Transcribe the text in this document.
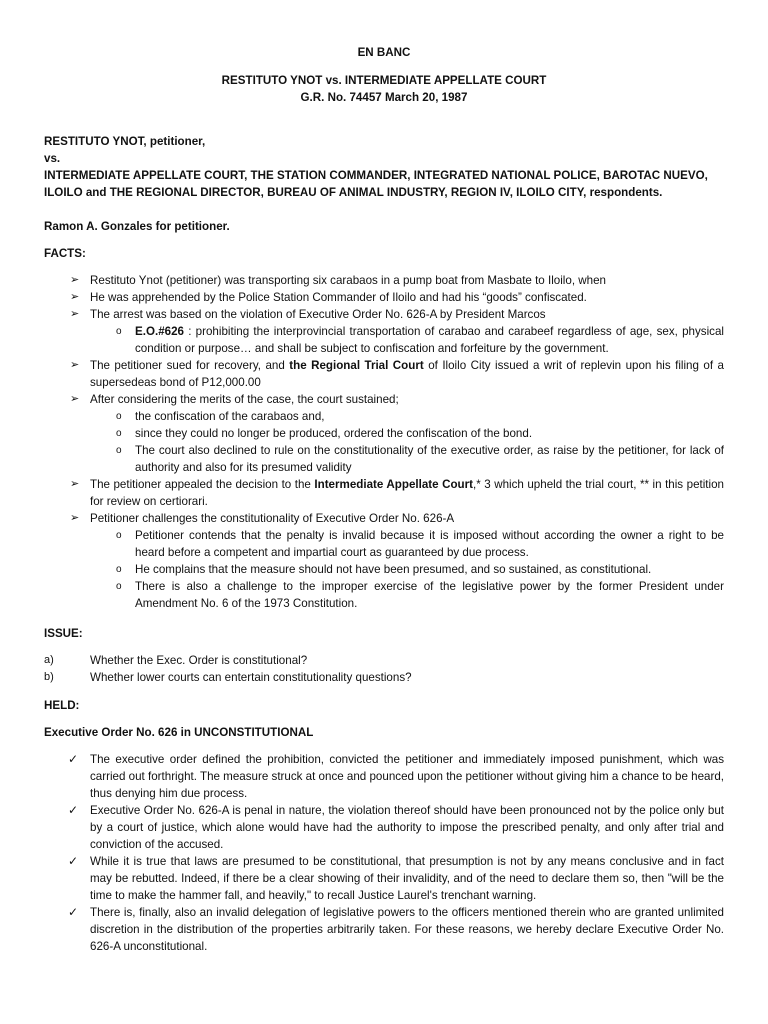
EN BANC
RESTITUTO YNOT vs. INTERMEDIATE APPELLATE COURT
G.R. No. 74457 March 20, 1987
RESTITUTO YNOT, petitioner,
vs.
INTERMEDIATE APPELLATE COURT, THE STATION COMMANDER, INTEGRATED NATIONAL POLICE, BAROTAC NUEVO, ILOILO and THE REGIONAL DIRECTOR, BUREAU OF ANIMAL INDUSTRY, REGION IV, ILOILO CITY, respondents.
Ramon A. Gonzales for petitioner.
FACTS:
➢ Restituto Ynot (petitioner) was transporting six carabaos in a pump boat from Masbate to Iloilo, when
➢ He was apprehended by the Police Station Commander of Iloilo and had his “goods” confiscated.
➢ The arrest was based on the violation of Executive Order No. 626-A by President Marcos
o E.O.#626 : prohibiting the interprovincial transportation of carabao and carabeef regardless of age, sex, physical condition or purpose… and shall be subject to confiscation and forfeiture by the government.
➢ The petitioner sued for recovery, and the Regional Trial Court of Iloilo City issued a writ of replevin upon his filing of a supersedeas bond of P12,000.00
➢ After considering the merits of the case, the court sustained;
o the confiscation of the carabaos and,
o since they could no longer be produced, ordered the confiscation of the bond.
o The court also declined to rule on the constitutionality of the executive order, as raise by the petitioner, for lack of authority and also for its presumed validity
➢ The petitioner appealed the decision to the Intermediate Appellate Court,* 3 which upheld the trial court, ** in this petition for review on certiorari.
➢ Petitioner challenges the constitutionality of Executive Order No. 626-A
o Petitioner contends that the penalty is invalid because it is imposed without according the owner a right to be heard before a competent and impartial court as guaranteed by due process.
o He complains that the measure should not have been presumed, and so sustained, as constitutional.
o There is also a challenge to the improper exercise of the legislative power by the former President under Amendment No. 6 of the 1973 Constitution.
ISSUE:
a)	Whether the Exec. Order is constitutional?
b)	Whether lower courts can entertain constitutionality questions?
HELD:
Executive Order No. 626 in UNCONSTITUTIONAL
✓ The executive order defined the prohibition, convicted the petitioner and immediately imposed punishment, which was carried out forthright. The measure struck at once and pounced upon the petitioner without giving him a chance to be heard, thus denying him due process.
✓ Executive Order No. 626-A is penal in nature, the violation thereof should have been pronounced not by the police only but by a court of justice, which alone would have had the authority to impose the prescribed penalty, and only after trial and conviction of the accused.
✓ While it is true that laws are presumed to be constitutional, that presumption is not by any means conclusive and in fact may be rebutted. Indeed, if there be a clear showing of their invalidity, and of the need to declare them so, then "will be the time to make the hammer fall, and heavily," to recall Justice Laurel's trenchant warning.
✓ There is, finally, also an invalid delegation of legislative powers to the officers mentioned therein who are granted unlimited discretion in the distribution of the properties arbitrarily taken. For these reasons, we hereby declare Executive Order No. 626-A unconstitutional.
